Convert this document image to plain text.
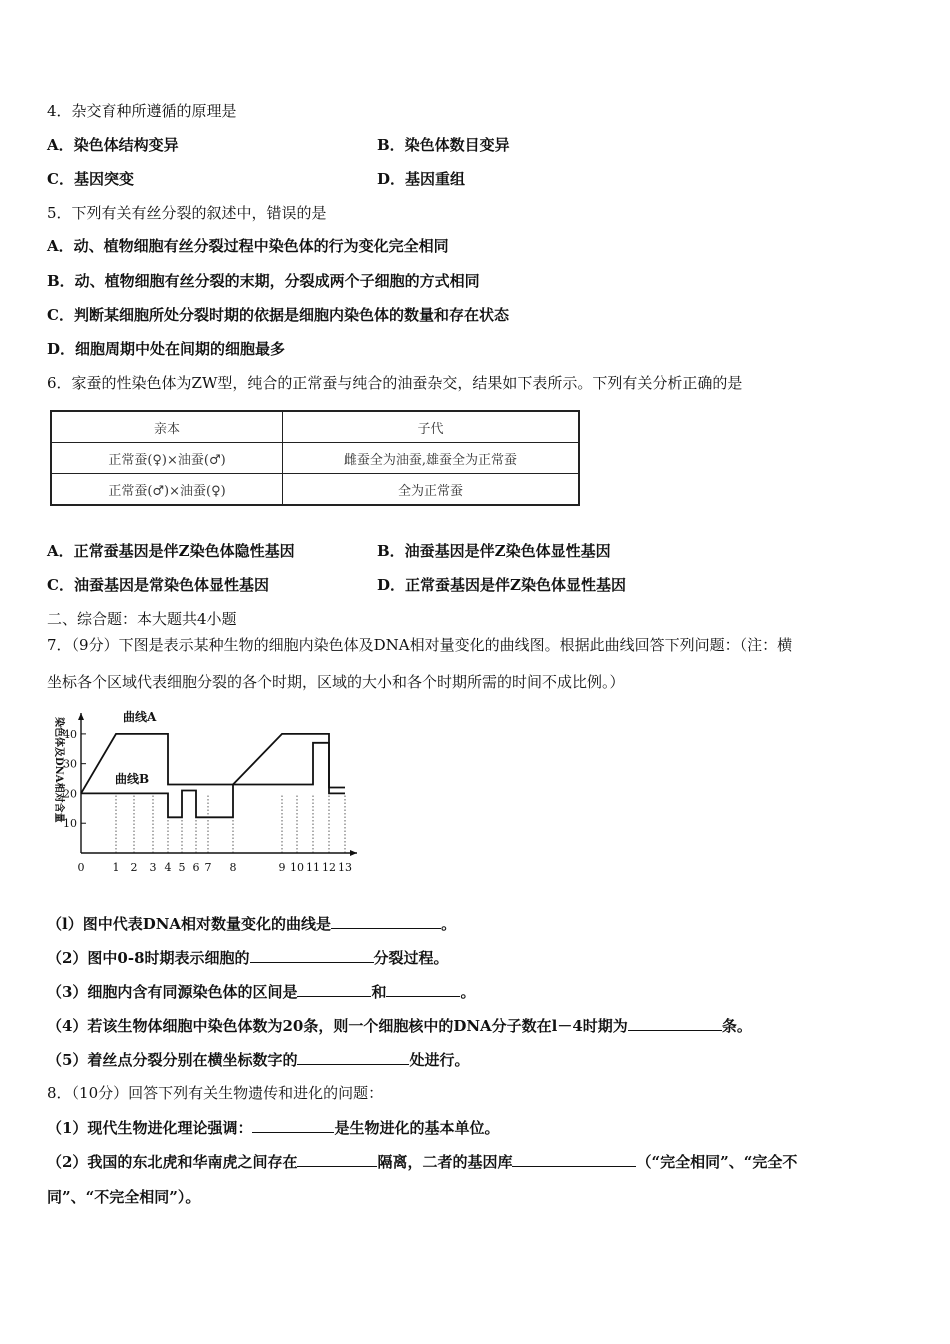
4．杂交育种所遵循的原理是
A．染色体结构变异	B．染色体数目变异
C．基因突变	D．基因重组
5．下列有关有丝分裂的叙述中，错误的是
A．动、植物细胞有丝分裂过程中染色体的行为变化完全相同
B．动、植物细胞有丝分裂的末期，分裂成两个子细胞的方式相同
C．判断某细胞所处分裂时期的依据是细胞内染色体的数量和存在状态
D．细胞周期中处在间期的细胞最多
6．家蚕的性染色体为ZW型，纯合的正常蚕与纯合的油蚕杂交，结果如下表所示。下列有关分析正确的是
亲本	子代
正常蚕(♀)×油蚕(♂)	雌蚕全为油蚕,雄蚕全为正常蚕
正常蚕(♂)×油蚕(♀)	全为正常蚕
A．正常蚕基因是伴Z染色体隐性基因	B．油蚕基因是伴Z染色体显性基因
C．油蚕基因是常染色体显性基因	D．正常蚕基因是伴Z染色体显性基因
二、综合题：本大题共4小题
7．（9分）下图是表示某种生物的细胞内染色体及DNA相对量变化的曲线图。根据此曲线回答下列问题：（注：横
坐标各个区域代表细胞分裂的各个时期，区域的大小和各个时期所需的时间不成比例。）
10
20
30
40
0	1 2 3 4 5 6 7 8	9 10 11 12 13
曲线A
曲线B
染色体及DNA相对含量
（l）图中代表DNA相对数量变化的曲线是	。
（2）图中0-8时期表示细胞的	分裂过程。
（3）细胞内含有同源染色体的区间是	和	。
（4）若该生物体细胞中染色体数为20条，则一个细胞核中的DNA分子数在l－4时期为	条。
（5）着丝点分裂分别在横坐标数字的	处进行。
8．（10分）回答下列有关生物遗传和进化的问题：
（1）现代生物进化理论强调：	是生物进化的基本单位。
（2）我国的东北虎和华南虎之间存在	隔离，二者的基因库	（“完全相同”、“完全不
同”、“不完全相同”）。
